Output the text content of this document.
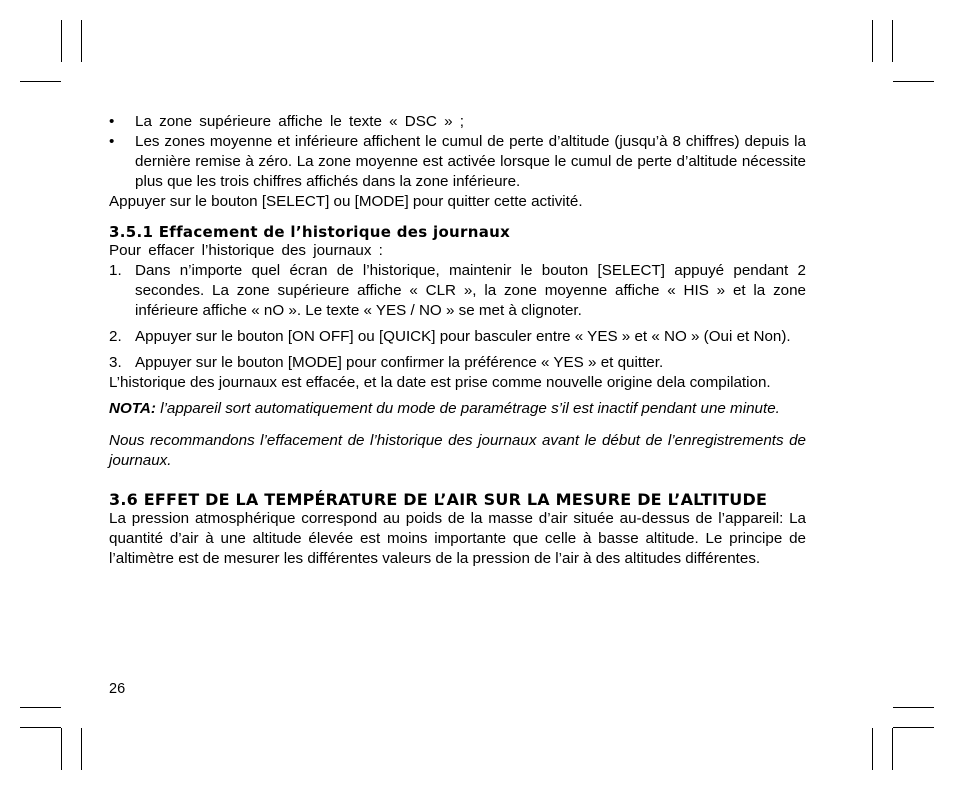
•	La zone supérieure affiche le texte « DSC » ;
•	Les zones moyenne et inférieure affichent le cumul de perte d’altitude (jusqu’à 8 chiffres) depuis la dernière remise à zéro. La zone moyenne est activée lorsque le cumul de perte d’altitude nécessite plus que les trois chiffres affichés dans la zone inférieure.

Appuyer sur le bouton [SELECT] ou [MODE] pour quitter cette activité.

3.5.1 Effacement de l’historique des journaux

Pour effacer l’historique des journaux :

1. Dans n’importe quel écran de l’historique, maintenir le bouton [SELECT] appuyé pendant 2 secondes. La zone supérieure affiche « CLR », la zone moyenne affiche « HIS » et la zone inférieure affiche « nO ». Le texte « YES / NO » se met à clignoter.
2. Appuyer sur le bouton [ON OFF] ou [QUICK] pour basculer entre « YES » et « NO » (Oui et Non).
3. Appuyer sur le bouton [MODE] pour confirmer la préférence « YES » et quitter.

L’historique des journaux est effacée, et la date est prise comme nouvelle origine dela compilation.

NOTA: l’appareil sort automatiquement du mode de paramétrage s’il est inactif pendant une minute.

Nous recommandons l’effacement de l’historique des journaux avant le début de l’enregistrements de journaux.

3.6 EFFET DE LA TEMPÉRATURE DE L’AIR SUR LA MESURE DE L’ALTITUDE

La pression atmosphérique correspond au poids de la masse d’air située au-dessus de l’appareil: La quantité d’air à une altitude élevée est moins importante que celle à basse altitude. Le principe de l’altimètre est de mesurer les différentes valeurs de la pression de l’air à des altitudes différentes.

26
